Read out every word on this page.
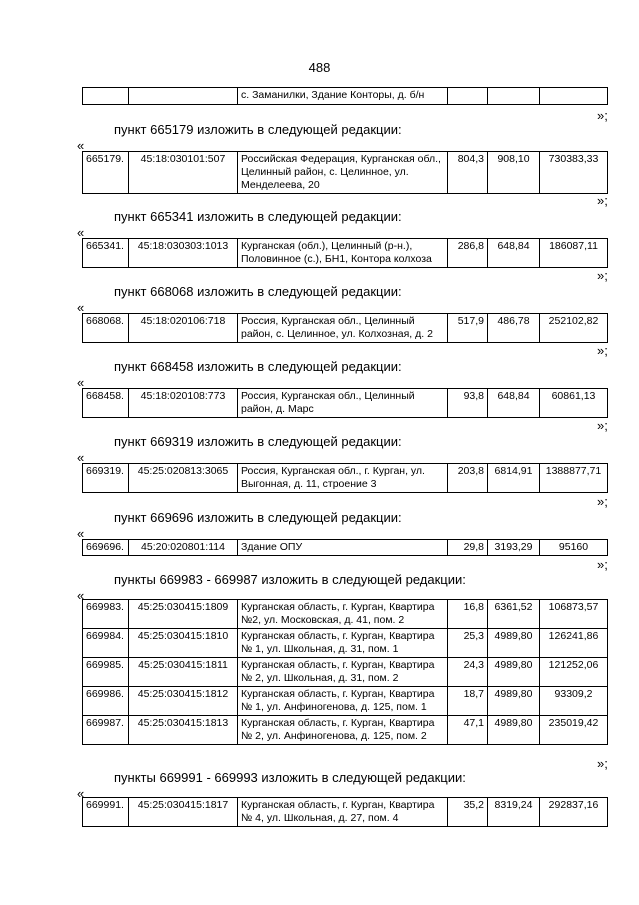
488
		с. Заманилки, Здание Конторы, д. б/н			
»;
пункт 665179 изложить в следующей редакции:
«
665179.	45:18:030101:507	Российская Федерация, Курганская обл., Целинный район, с. Целинное, ул. Менделеева, 20	804,3	908,10	730383,33
»;
пункт 665341 изложить в следующей редакции:
«
665341.	45:18:030303:1013	Курганская (обл.), Целинный (р-н.), Половинное (с.), БН1, Контора колхоза	286,8	648,84	186087,11
»;
пункт 668068 изложить в следующей редакции:
«
668068.	45:18:020106:718	Россия, Курганская обл., Целинный район, с. Целинное, ул. Колхозная, д. 2	517,9	486,78	252102,82
»;
пункт 668458 изложить в следующей редакции:
«
668458.	45:18:020108:773	Россия, Курганская обл., Целинный район, д. Марс	93,8	648,84	60861,13
»;
пункт 669319 изложить в следующей редакции:
«
669319.	45:25:020813:3065	Россия, Курганская обл., г. Курган, ул. Выгонная, д. 11, строение 3	203,8	6814,91	1388877,71
»;
пункт 669696 изложить в следующей редакции:
«
669696.	45:20:020801:114	Здание ОПУ	29,8	3193,29	95160
»;
пункты 669983 - 669987 изложить в следующей редакции:
«
669983.	45:25:030415:1809	Курганская область, г. Курган, Квартира №2, ул. Московская, д. 41, пом. 2	16,8	6361,52	106873,57
669984.	45:25:030415:1810	Курганская область, г. Курган, Квартира № 1, ул. Школьная, д. 31, пом. 1	25,3	4989,80	126241,86
669985.	45:25:030415:1811	Курганская область, г. Курган, Квартира № 2, ул. Школьная, д. 31, пом. 2	24,3	4989,80	121252,06
669986.	45:25:030415:1812	Курганская область, г. Курган, Квартира № 1, ул. Анфиногенова, д. 125, пом. 1	18,7	4989,80	93309,2
669987.	45:25:030415:1813	Курганская область, г. Курган, Квартира № 2, ул. Анфиногенова, д. 125, пом. 2	47,1	4989,80	235019,42
»;
пункты 669991 - 669993 изложить в следующей редакции:
«
669991.	45:25:030415:1817	Курганская область, г. Курган, Квартира № 4, ул. Школьная, д. 27, пом. 4	35,2	8319,24	292837,16
